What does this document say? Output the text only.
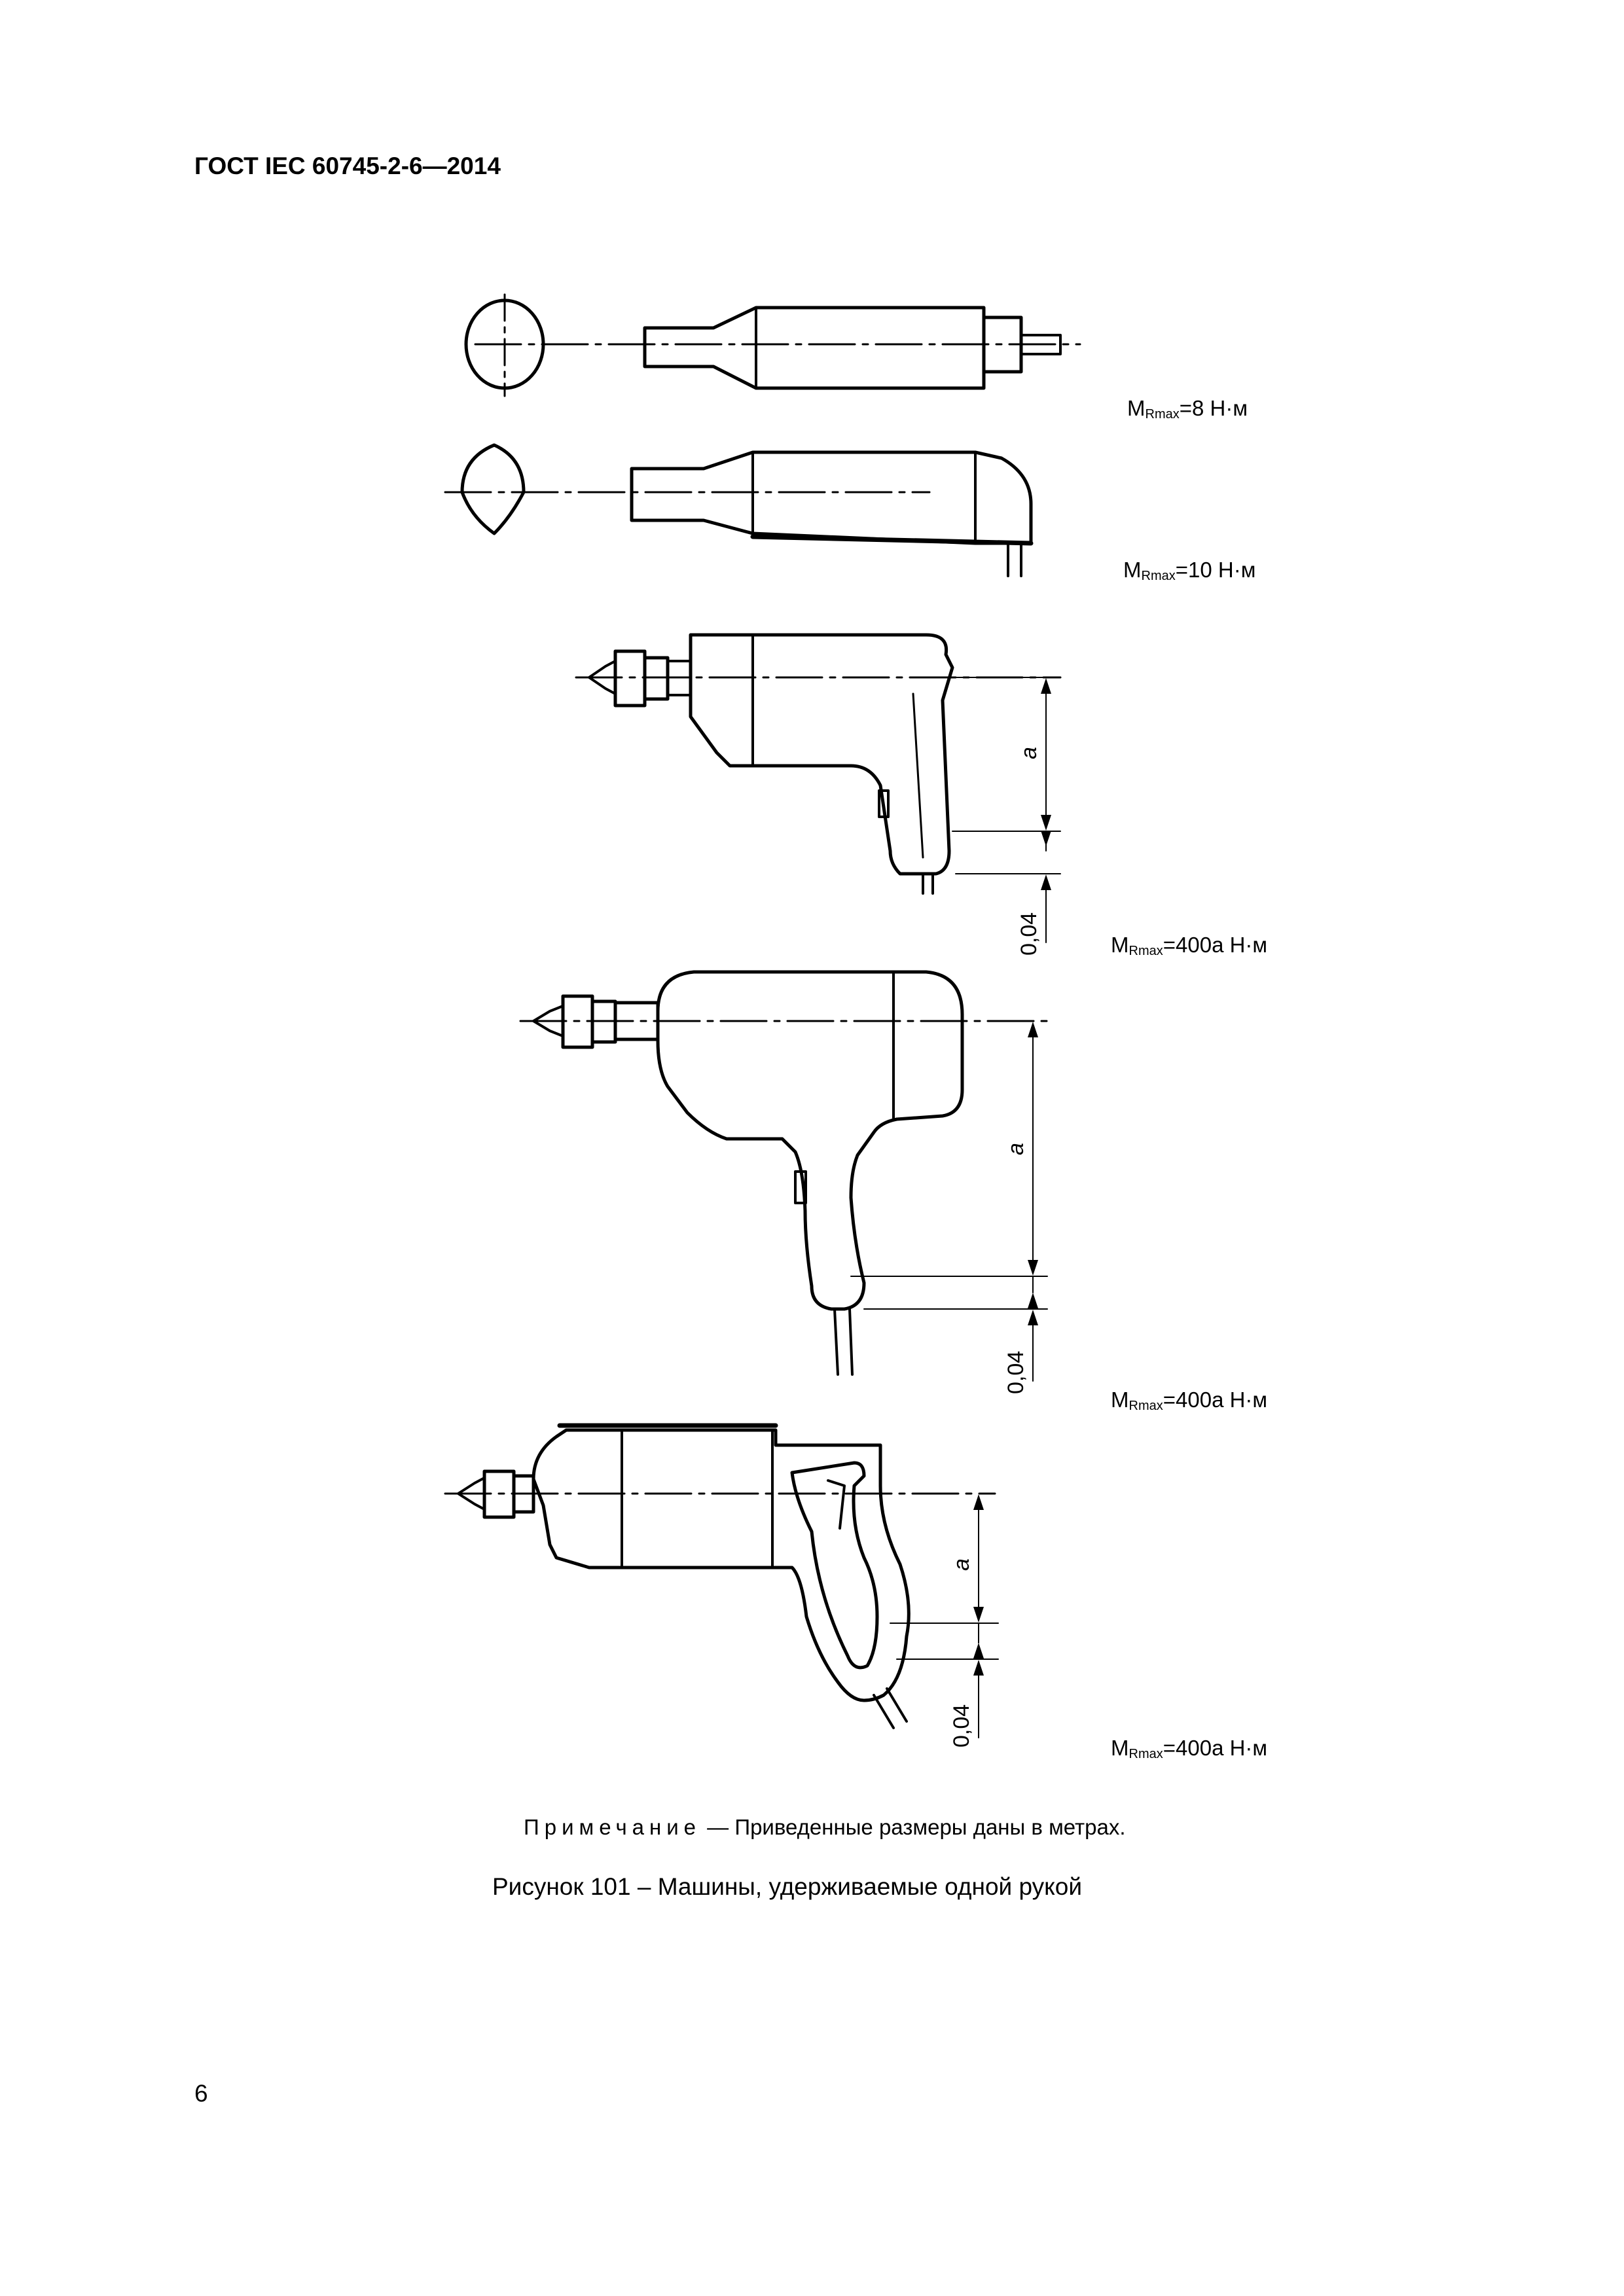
ГОСТ IEC 60745-2-6—2014
a
0,04
a
0,04
a
0,04
$M_{Rmax}=8$ Н·м
$M_{Rmax}=10$ Н·м
$M_{Rmax}=400a$ Н·м
$M_{Rmax}=400a$ Н·м
$M_{Rmax}=400a$ Н·м
Примечание — Приведенные размеры даны в метрах.
Рисунок 101 – Машины, удерживаемые одной рукой
6
